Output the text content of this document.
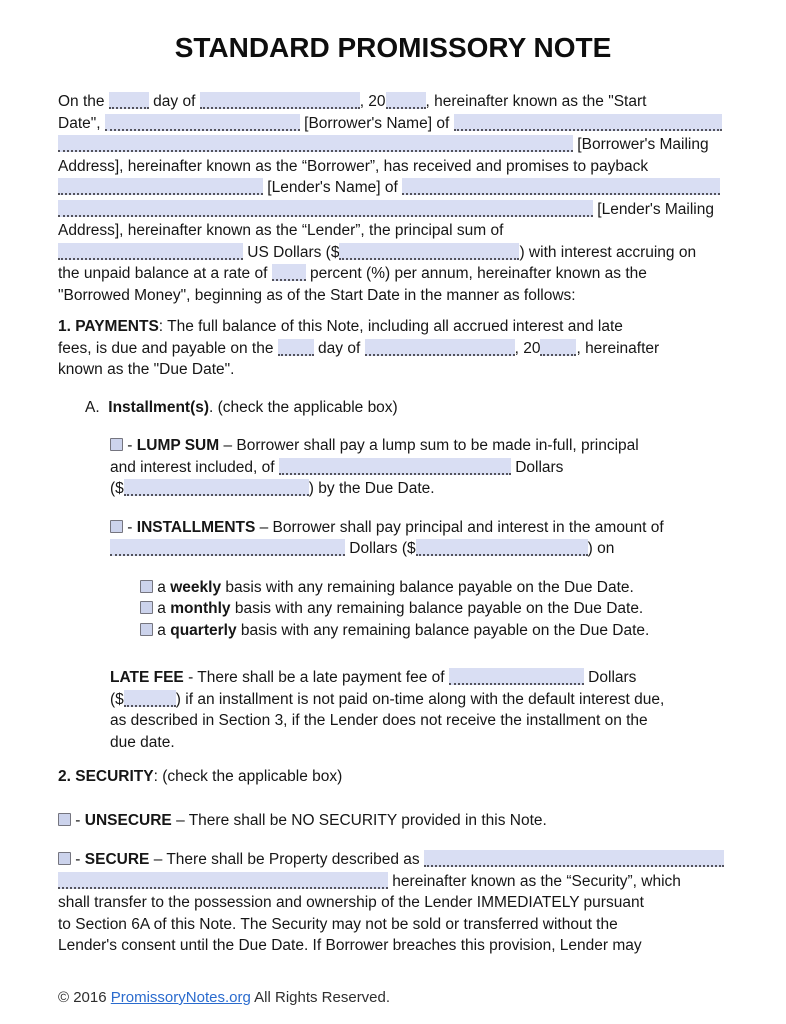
STANDARD PROMISSORY NOTE
On the	day of	, 20	, hereinafter known as the "Start
Date",	[Borrower's Name] of
[Borrower's Mailing
Address], hereinafter known as the “Borrower”, has received and promises to payback
[Lender's Name] of
[Lender's Mailing
Address], hereinafter known as the “Lender”, the principal sum of
US Dollars ($	) with interest accruing on
the unpaid balance at a rate of  percent (%) per annum, hereinafter known as the
"Borrowed Money", beginning as of the Start Date in the manner as follows:
1. PAYMENTS: The full balance of this Note, including all accrued interest and late
fees, is due and payable on the  day of	, 20 , hereinafter
known as the "Due Date".
A.  Installment(s). (check the applicable box)
- LUMP SUM – Borrower shall pay a lump sum to be made in-full, principal
and interest included, of	Dollars
($	) by the Due Date.
- INSTALLMENTS – Borrower shall pay principal and interest in the amount of
Dollars ($	) on
a weekly basis with any remaining balance payable on the Due Date.
a monthly basis with any remaining balance payable on the Due Date.
a quarterly basis with any remaining balance payable on the Due Date.
LATE FEE - There shall be a late payment fee of	Dollars
($	) if an installment is not paid on-time along with the default interest due,
as described in Section 3, if the Lender does not receive the installment on the
due date.
2. SECURITY: (check the applicable box)
- UNSECURE – There shall be NO SECURITY provided in this Note.
- SECURE – There shall be Property described as
hereinafter known as the “Security”, which
shall transfer to the possession and ownership of the Lender IMMEDIATELY pursuant
to Section 6A of this Note. The Security may not be sold or transferred without the
Lender's consent until the Due Date. If Borrower breaches this provision, Lender may
© 2016 PromissoryNotes.org All Rights Reserved.
